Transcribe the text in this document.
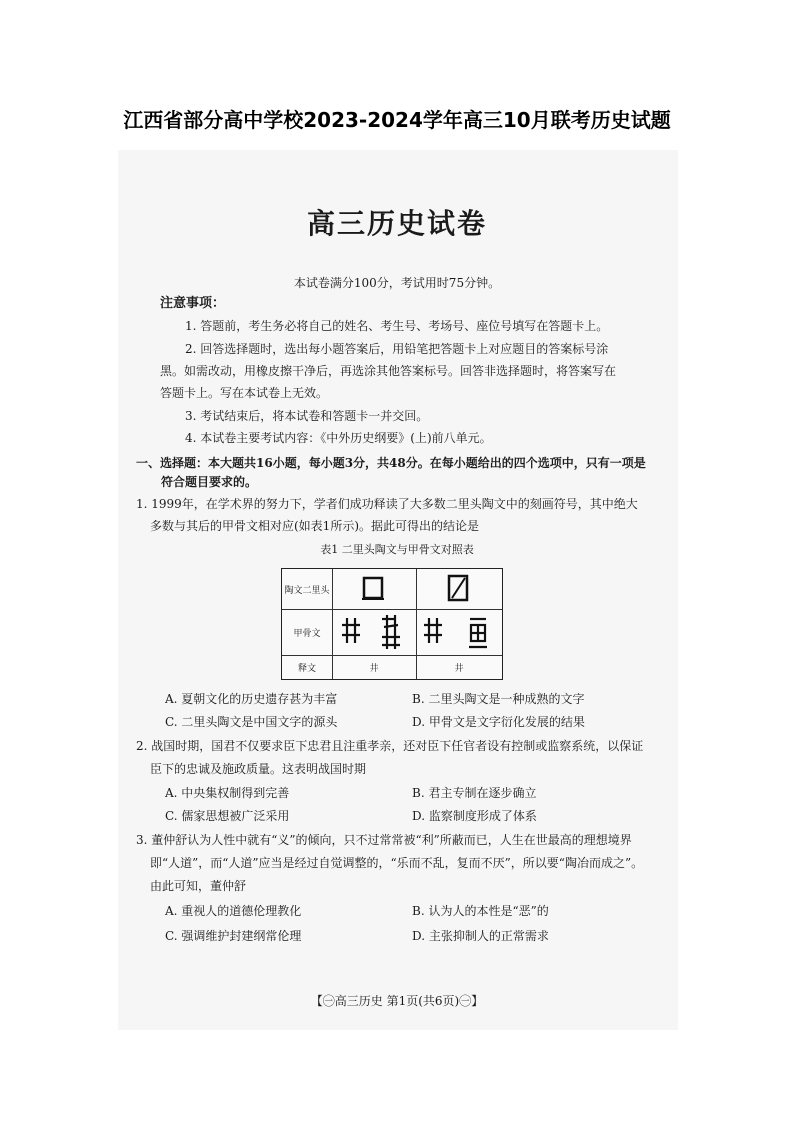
江西省部分高中学校2023-2024学年高三10月联考历史试题
高三历史试卷
本试卷满分100分，考试用时75分钟。
注意事项：
1. 答题前，考生务必将自己的姓名、考生号、考场号、座位号填写在答题卡上。
2. 回答选择题时，选出每小题答案后，用铅笔把答题卡上对应题目的答案标号涂
黑。如需改动，用橡皮擦干净后，再选涂其他答案标号。回答非选择题时，将答案写在
答题卡上。写在本试卷上无效。
3. 考试结束后，将本试卷和答题卡一并交回。
4. 本试卷主要考试内容：《中外历史纲要》(上)前八单元。
一、选择题：本大题共16小题，每小题3分，共48分。在每小题给出的四个选项中，只有一项是
符合题目要求的。
1. 1999年，在学术界的努力下，学者们成功释读了大多数二里头陶文中的刻画符号，其中绝大
多数与其后的甲骨文相对应(如表1所示)。据此可得出的结论是
表1 二里头陶文与甲骨文对照表
陶文二里头
甲骨文
释文	井	井
A. 夏朝文化的历史遗存甚为丰富	B. 二里头陶文是一种成熟的文字
C. 二里头陶文是中国文字的源头	D. 甲骨文是文字衍化发展的结果
2. 战国时期，国君不仅要求臣下忠君且注重孝亲，还对臣下任官者设有控制或监察系统，以保证
臣下的忠诚及施政质量。这表明战国时期
A. 中央集权制得到完善	B. 君主专制在逐步确立
C. 儒家思想被广泛采用	D. 监察制度形成了体系
3. 董仲舒认为人性中就有“义”的倾向，只不过常常被“利”所蔽而已，人生在世最高的理想境界
即“人道”，而“人道”应当是经过自觉调整的，“乐而不乱，复而不厌”，所以要“陶冶而成之”。
由此可知，董仲舒
A. 重视人的道德伦理教化	B. 认为人的本性是“恶”的
C. 强调维护封建纲常伦理	D. 主张抑制人的正常需求
【㊀高三历史 第1页(共6页)㊀】
